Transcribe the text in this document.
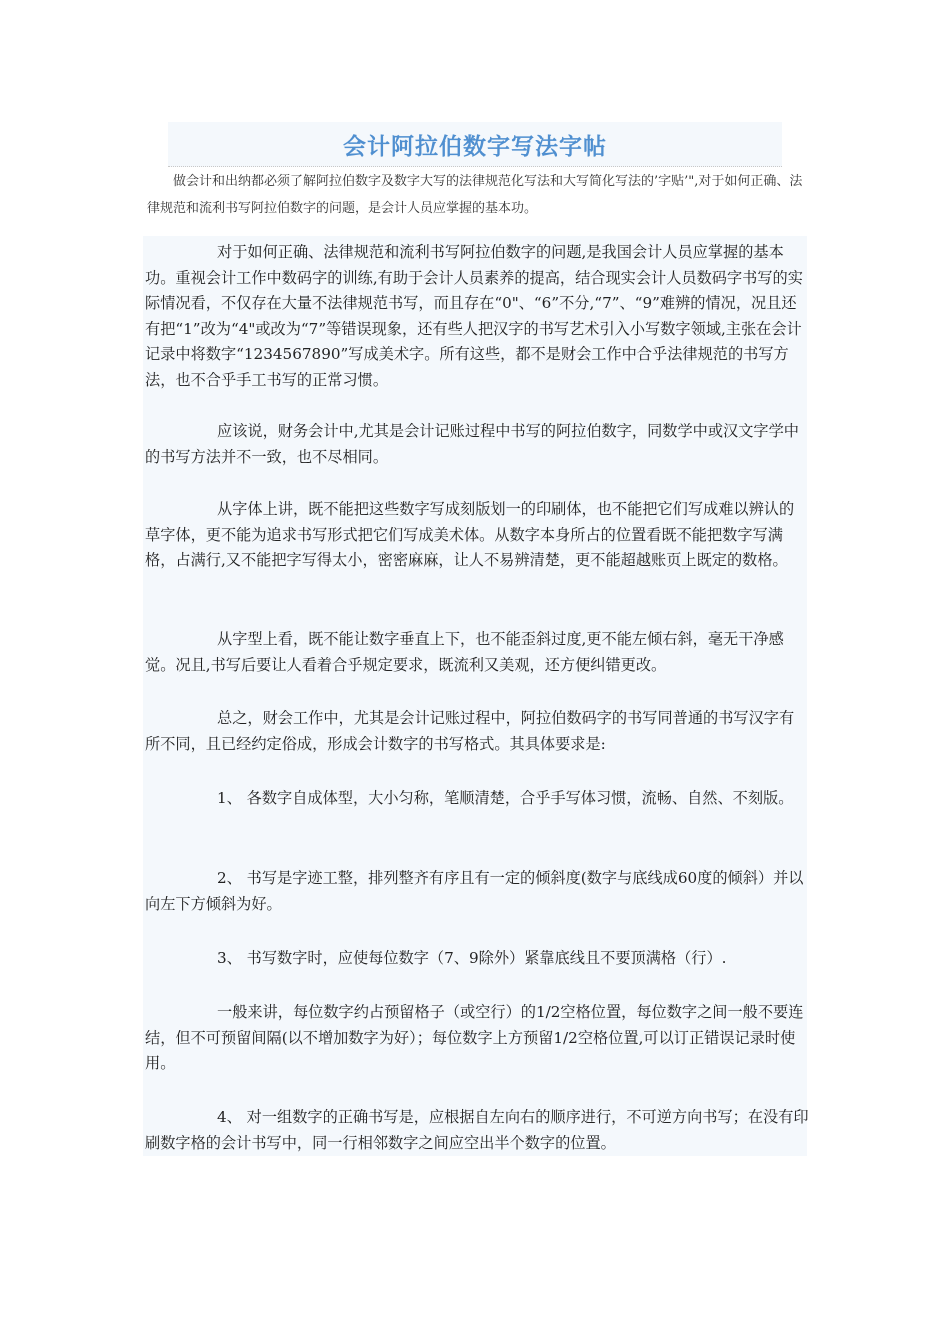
会计阿拉伯数字写法字帖
做会计和出纳都必须了解阿拉伯数字及数字大写的法律规范化写法和大写简化写法的’字贴’",对于如何正确、法律规范和流利书写阿拉伯数字的问题，是会计人员应掌握的基本功。
对于如何正确、法律规范和流利书写阿拉伯数字的问题,是我国会计人员应掌握的基本功。重视会计工作中数码字的训练,有助于会计人员素养的提高，结合现实会计人员数码字书写的实际情况看，不仅存在大量不法律规范书写，而且存在“0"、“6”不分,“7”、“9”难辨的情况，况且还有把“1”改为“4"或改为“7”等错误现象，还有些人把汉字的书写艺术引入小写数字领域,主张在会计记录中将数字“1234567890”写成美术字。所有这些，都不是财会工作中合乎法律规范的书写方法，也不合乎手工书写的正常习惯。
应该说，财务会计中,尤其是会计记账过程中书写的阿拉伯数字，同数学中或汉文字学中的书写方法并不一致，也不尽相同。
从字体上讲，既不能把这些数字写成刻版划一的印刷体，也不能把它们写成难以辨认的草字体，更不能为追求书写形式把它们写成美术体。从数字本身所占的位置看既不能把数字写满格，占满行,又不能把字写得太小，密密麻麻，让人不易辨清楚，更不能超越账页上既定的数格。
从字型上看，既不能让数字垂直上下，也不能歪斜过度,更不能左倾右斜，毫无干净感觉。况且,书写后要让人看着合乎规定要求，既流利又美观，还方便纠错更改。
总之，财会工作中，尤其是会计记账过程中，阿拉伯数码字的书写同普通的书写汉字有所不同，且已经约定俗成，形成会计数字的书写格式。其具体要求是:
1、 各数字自成体型，大小匀称，笔顺清楚，合乎手写体习惯，流畅、自然、不刻版。
2、 书写是字迹工整，排列整齐有序且有一定的倾斜度(数字与底线成60度的倾斜）并以向左下方倾斜为好。
3、 书写数字时，应使每位数字（7、9除外）紧靠底线且不要顶满格（行）.
一般来讲，每位数字约占预留格子（或空行）的1/2空格位置，每位数字之间一般不要连结，但不可预留间隔(以不增加数字为好）；每位数字上方预留1/2空格位置,可以订正错误记录时使用。
4、 对一组数字的正确书写是，应根据自左向右的顺序进行，不可逆方向书写；在没有印刷数字格的会计书写中，同一行相邻数字之间应空出半个数字的位置。
